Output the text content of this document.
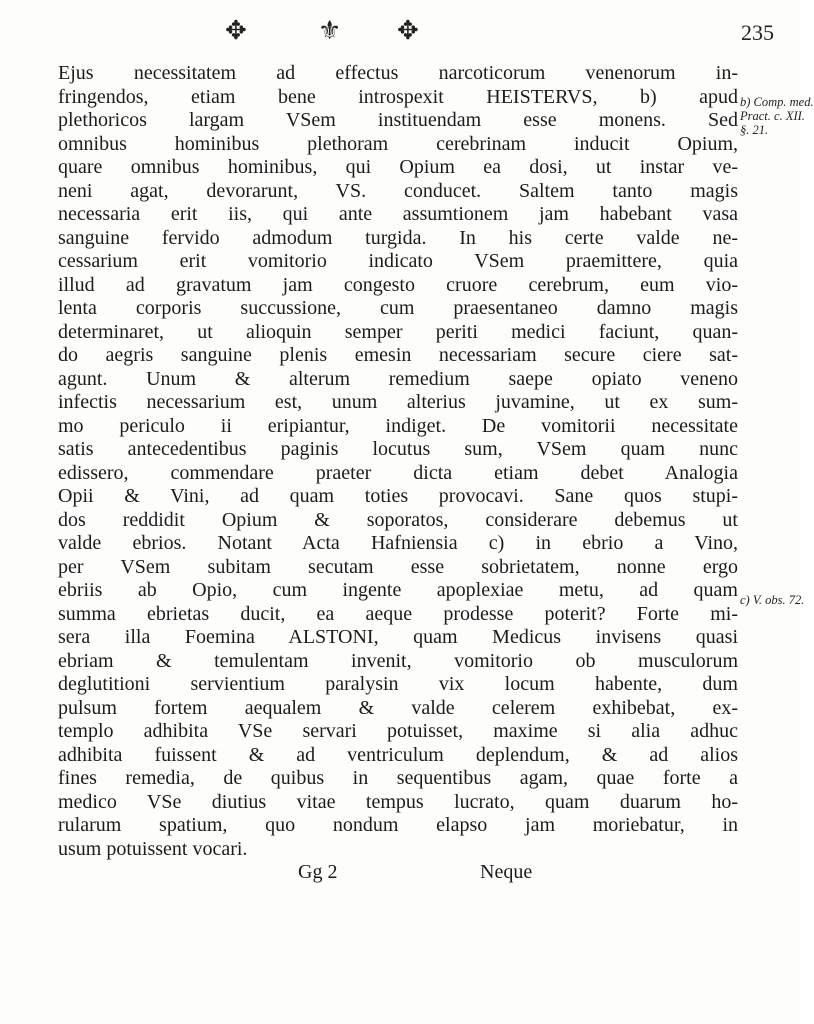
✥	⚜ ✥	235
Ejus necessitatem ad effectus narcoticorum venenorum in-
fringendos, etiam bene introspexit HEISTERVS, b) apud
plethoricos largam VSem instituendam esse monens. Sed
omnibus hominibus plethoram cerebrinam inducit Opium,
quare omnibus hominibus, qui Opium ea dosi, ut instar ve-
neni agat, devorarunt, VS. conducet. Saltem tanto magis
necessaria erit iis, qui ante assumtionem jam habebant vasa
sanguine fervido admodum turgida. In his certe valde ne-
cessarium erit vomitorio indicato VSem praemittere, quia
illud ad gravatum jam congesto cruore cerebrum, eum vio-
lenta corporis succussione, cum praesentaneo damno magis
determinaret, ut alioquin semper periti medici faciunt, quan-
do aegris sanguine plenis emesin necessariam secure ciere sat-
agunt. Unum & alterum remedium saepe opiato veneno
infectis necessarium est, unum alterius juvamine, ut ex sum-
mo periculo ii eripiantur, indiget. De vomitorii necessitate
satis antecedentibus paginis locutus sum, VSem quam nunc
edissero, commendare praeter dicta etiam debet Analogia
Opii & Vini, ad quam toties provocavi. Sane quos stupi-
dos reddidit Opium & soporatos, considerare debemus ut
valde ebrios. Notant Acta Hafniensia c) in ebrio a Vino,
per VSem subitam secutam esse sobrietatem, nonne ergo
ebriis ab Opio, cum ingente apoplexiae metu, ad quam
summa ebrietas ducit, ea aeque prodesse poterit? Forte mi-
sera illa Foemina ALSTONI, quam Medicus invisens quasi
ebriam & temulentam invenit, vomitorio ob musculorum
deglutitioni servientium paralysin vix locum habente, dum
pulsum fortem aequalem & valde celerem exhibebat, ex-
templo adhibita VSe servari potuisset, maxime si alia adhuc
adhibita fuissent & ad ventriculum deplendum, & ad alios
fines remedia, de quibus in sequentibus agam, quae forte a
medico VSe diutius vitae tempus lucrato, quam duarum ho-
rularum spatium, quo nondum elapso jam moriebatur, in
usum potuissent vocari.
Gg 2	Neque
b) Comp. med.
Pract. c. XII.
§. 21.
c) V. obs. 72.
